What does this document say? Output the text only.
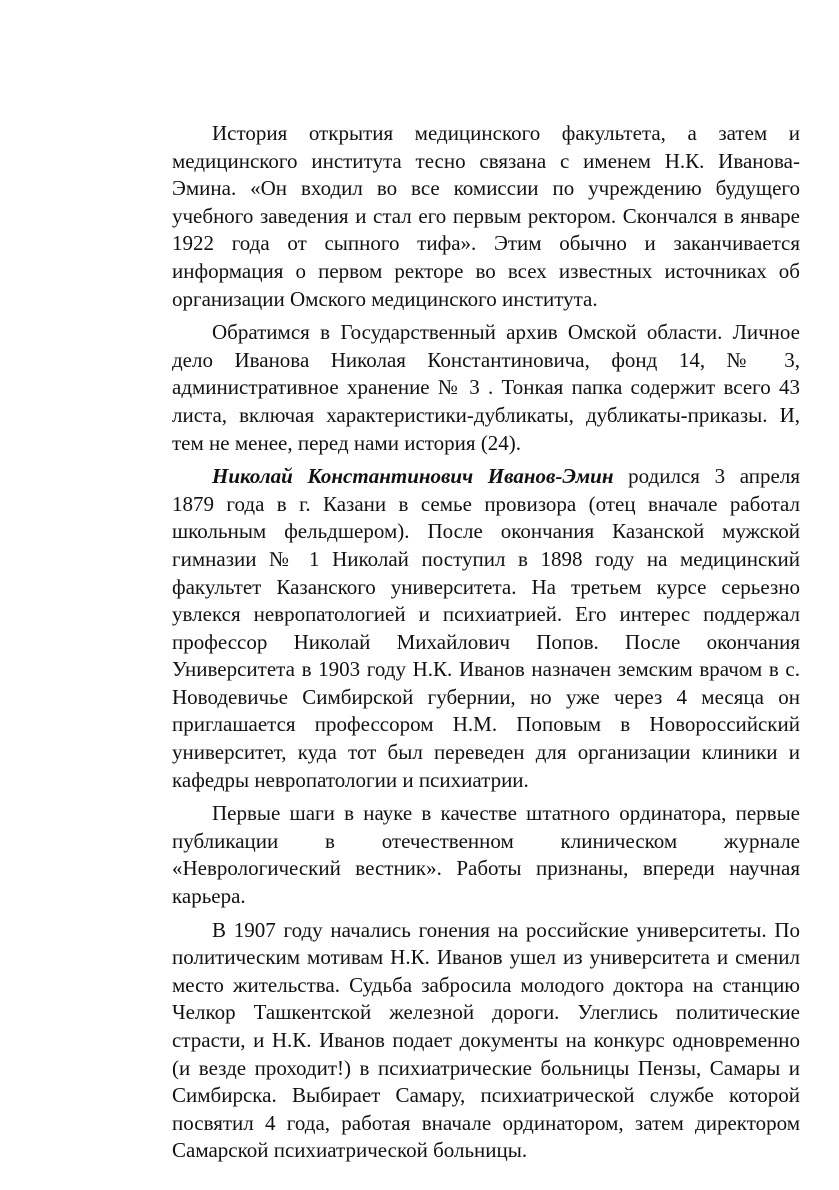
История открытия медицинского факультета, а затем и медицинского института тесно связана с именем Н.К. Иванова-Эмина. «Он входил во все комиссии по учреждению будущего учебного заведения и стал его первым ректором. Скончался в январе 1922 года от сыпного тифа». Этим обычно и заканчивается информация о первом ректоре во всех известных источниках об организации Омского медицинского института.

Обратимся в Государственный архив Омской области. Личное дело Иванова Николая Константиновича, фонд 14, № 3, административное хранение № 3 . Тонкая папка содержит всего 43 листа, включая характеристики-дубликаты, дубликаты-приказы. И, тем не менее, перед нами история (24).

Николай Константинович Иванов-Эмин родился 3 апреля 1879 года в г. Казани в семье провизора (отец вначале работал школьным фельдшером). После окончания Казанской мужской гимназии № 1 Николай поступил в 1898 году на медицинский факультет Казанского университета. На третьем курсе серьезно увлекся невропатологией и психиатрией. Его интерес поддержал профессор Николай Михайлович Попов. После окончания Университета в 1903 году Н.К. Иванов назначен земским врачом в с. Новодевичье Симбирской губернии, но уже через 4 месяца он приглашается профессором Н.М. Поповым в Новороссийский университет, куда тот был переведен для организации клиники и кафедры невропатологии и психиатрии.

Первые шаги в науке в качестве штатного ординатора, первые публикации в отечественном клиническом журнале «Неврологический вестник». Работы признаны, впереди научная карьера.

В 1907 году начались гонения на российские университеты. По политическим мотивам Н.К. Иванов ушел из университета и сменил место жительства. Судьба забросила молодого доктора на станцию Челкор Ташкентской железной дороги. Улеглись политические страсти, и Н.К. Иванов подает документы на конкурс одновременно (и везде проходит!) в психиатрические больницы Пензы, Самары и Симбирска. Выбирает Самару, психиатрической службе которой посвятил 4 года, работая вначале ординатором, затем директором Самарской психиатрической больницы.
